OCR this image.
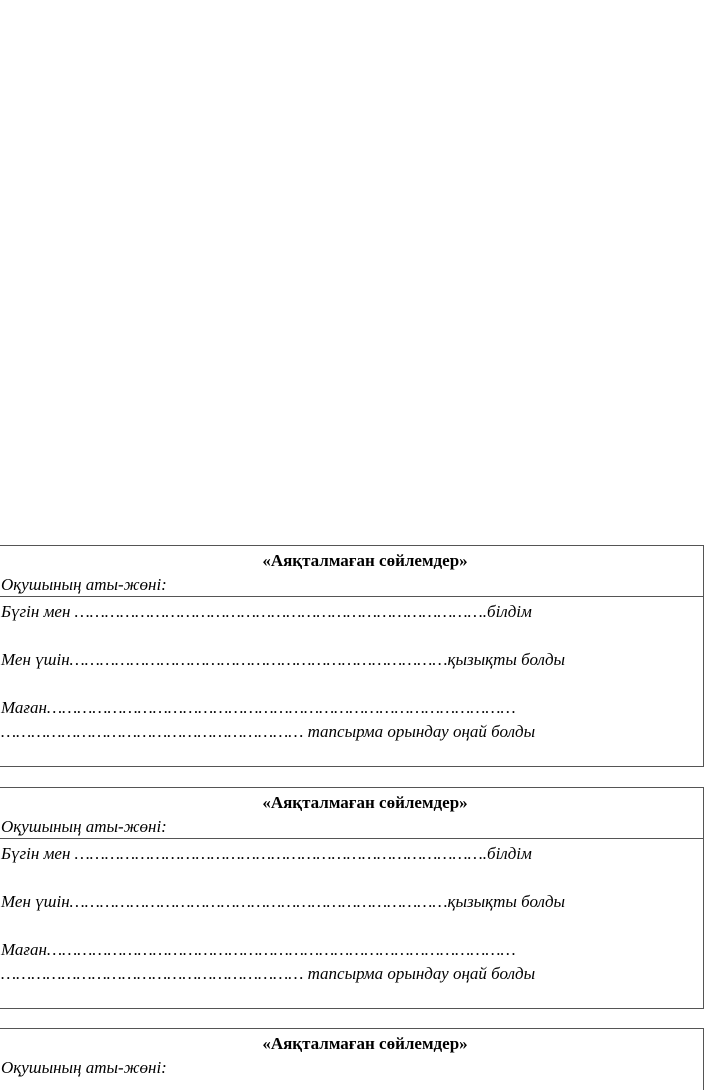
«Аяқталмаған сөйлемдер»
Оқушының аты-жөні:
Бүгін мен ……………………………………………………………………….білдім
Мен үшін…………………………………………………………………қызықты болды
Маған…………………………………………………………………………………
…………………………………………………… тапсырма орындау оңай болды
«Аяқталмаған сөйлемдер»
Оқушының аты-жөні:
Бүгін мен ……………………………………………………………………….білдім
Мен үшін…………………………………………………………………қызықты болды
Маған…………………………………………………………………………………
…………………………………………………… тапсырма орындау оңай болды
«Аяқталмаған сөйлемдер»
Оқушының аты-жөні:
